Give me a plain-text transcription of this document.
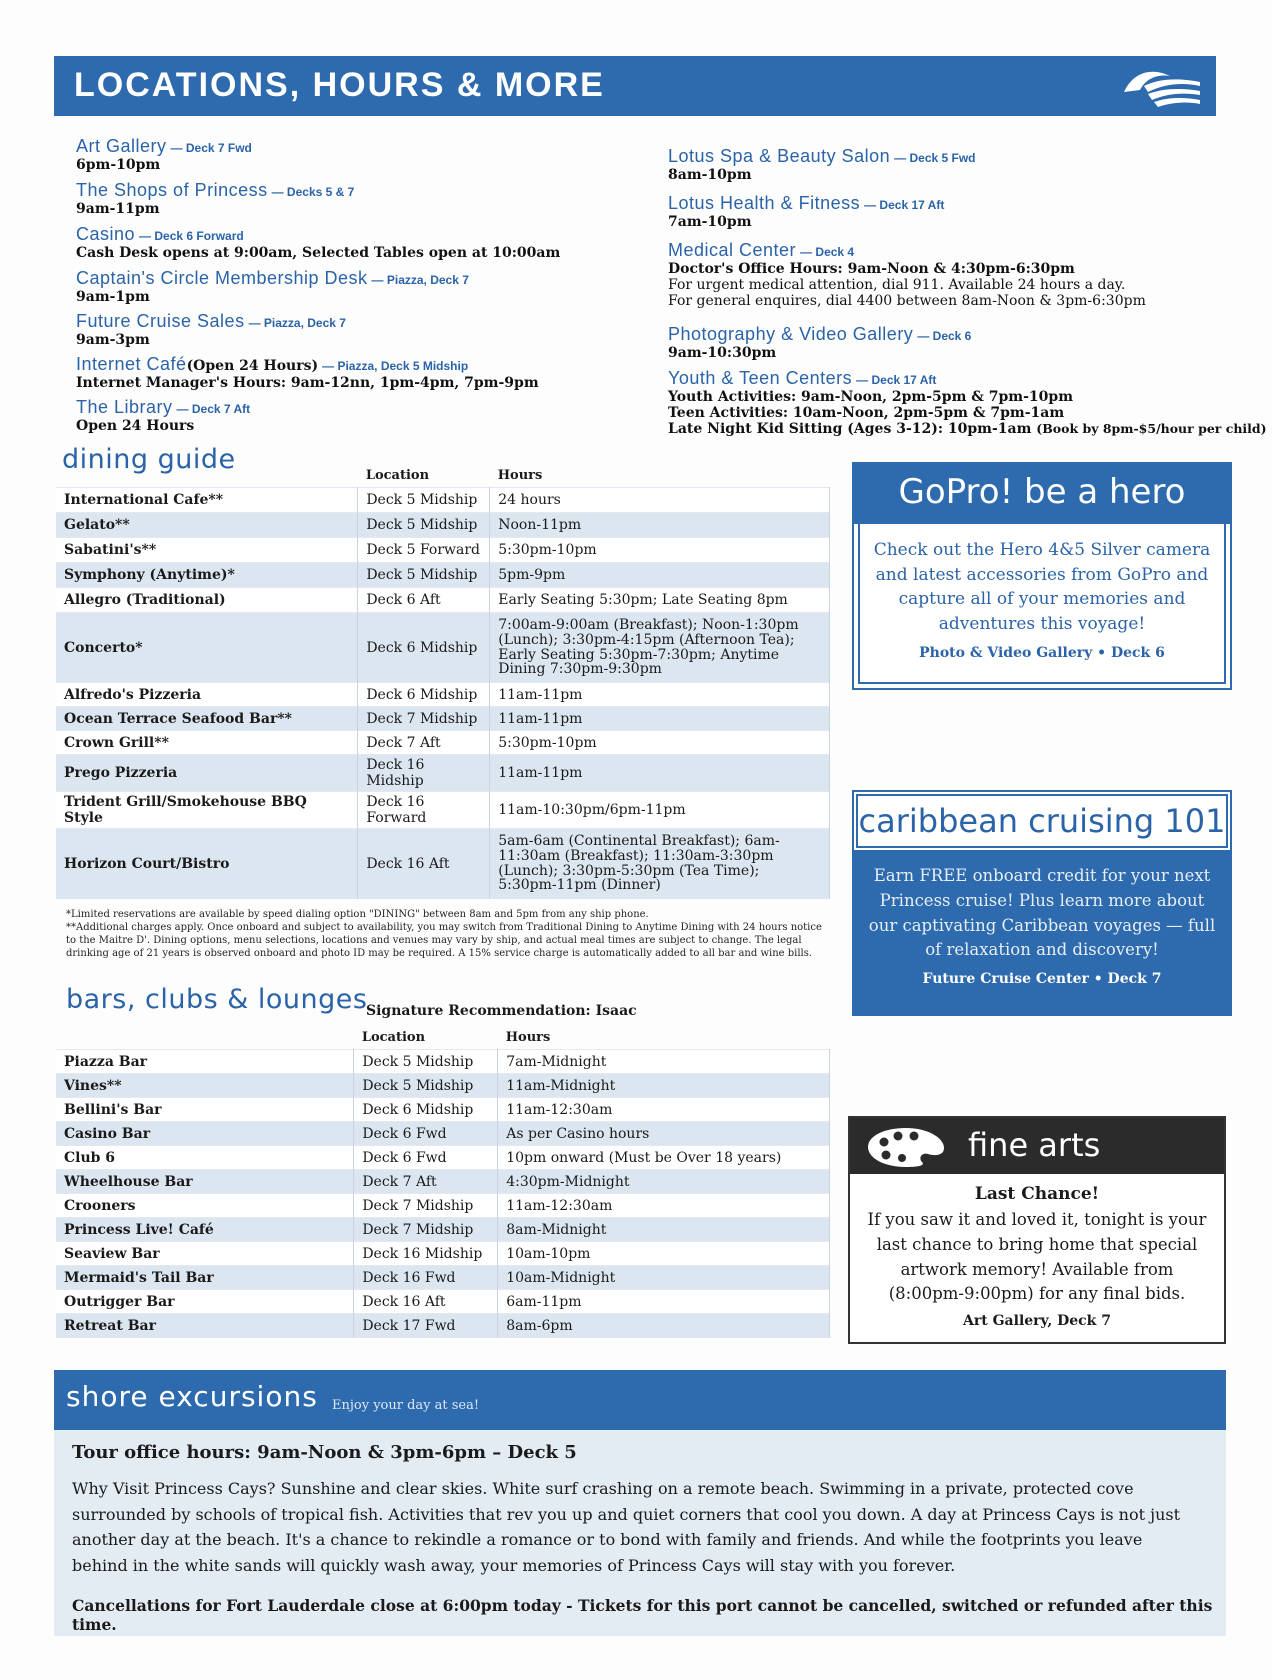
LOCATIONS, HOURS & MORE
Art Gallery — Deck 7 Fwd
6pm-10pm
The Shops of Princess — Decks 5 & 7
9am-11pm
Casino — Deck 6 Forward
Cash Desk opens at 9:00am, Selected Tables open at 10:00am
Captain's Circle Membership Desk — Piazza, Deck 7
9am-1pm
Future Cruise Sales — Piazza, Deck 7
9am-3pm
Internet Café(Open 24 Hours) — Piazza, Deck 5 Midship
Internet Manager's Hours: 9am-12nn, 1pm-4pm, 7pm-9pm
The Library — Deck 7 Aft
Open 24 Hours
Lotus Spa & Beauty Salon — Deck 5 Fwd
8am-10pm
Lotus Health & Fitness — Deck 17 Aft
7am-10pm
Medical Center — Deck 4
Doctor's Office Hours: 9am-Noon & 4:30pm-6:30pm
For urgent medical attention, dial 911. Available 24 hours a day.
For general enquires, dial 4400 between 8am-Noon & 3pm-6:30pm
Photography & Video Gallery — Deck 6
9am-10:30pm
Youth & Teen Centers — Deck 17 Aft
Youth Activities: 9am-Noon, 2pm-5pm & 7pm-10pm
Teen Activities: 10am-Noon, 2pm-5pm & 7pm-1am
Late Night Kid Sitting (Ages 3-12): 10pm-1am (Book by 8pm-$5/hour per child)
dining guide
	Location	Hours
International Cafe**	Deck 5 Midship	24 hours
Gelato**	Deck 5 Midship	Noon-11pm
Sabatini's**	Deck 5 Forward	5:30pm-10pm
Symphony (Anytime)*	Deck 5 Midship	5pm-9pm
Allegro (Traditional)	Deck 6 Aft	Early Seating 5:30pm; Late Seating 8pm
Concerto*	Deck 6 Midship	7:00am-9:00am (Breakfast); Noon-1:30pm (Lunch); 3:30pm-4:15pm (Afternoon Tea); Early Seating 5:30pm-7:30pm; Anytime Dining 7:30pm-9:30pm
Alfredo's Pizzeria	Deck 6 Midship	11am-11pm
Ocean Terrace Seafood Bar**	Deck 7 Midship	11am-11pm
Crown Grill**	Deck 7 Aft	5:30pm-10pm
Prego Pizzeria	Deck 16 Midship	11am-11pm
Trident Grill/Smokehouse BBQ Style	Deck 16 Forward	11am-10:30pm/6pm-11pm
Horizon Court/Bistro	Deck 16 Aft	5am-6am (Continental Breakfast); 6am-11:30am (Breakfast); 11:30am-3:30pm (Lunch); 3:30pm-5:30pm (Tea Time); 5:30pm-11pm (Dinner)
*Limited reservations are available by speed dialing option "DINING" between 8am and 5pm from any ship phone.
**Additional charges apply. Once onboard and subject to availability, you may switch from Traditional Dining to Anytime Dining with 24 hours notice to the Maitre D'. Dining options, menu selections, locations and venues may vary by ship, and actual meal times are subject to change. The legal drinking age of 21 years is observed onboard and photo ID may be required. A 15% service charge is automatically added to all bar and wine bills.
bars, clubs & lounges
Signature Recommendation: Isaac
	Location	Hours
Piazza Bar	Deck 5 Midship	7am-Midnight
Vines**	Deck 5 Midship	11am-Midnight
Bellini's Bar	Deck 6 Midship	11am-12:30am
Casino Bar	Deck 6 Fwd	As per Casino hours
Club 6	Deck 6 Fwd	10pm onward (Must be Over 18 years)
Wheelhouse Bar	Deck 7 Aft	4:30pm-Midnight
Crooners	Deck 7 Midship	11am-12:30am
Princess Live! Café	Deck 7 Midship	8am-Midnight
Seaview Bar	Deck 16 Midship	10am-10pm
Mermaid's Tail Bar	Deck 16 Fwd	10am-Midnight
Outrigger Bar	Deck 16 Aft	6am-11pm
Retreat Bar	Deck 17 Fwd	8am-6pm
GoPro! be a hero

Check out the Hero 4&5 Silver camera and latest accessories from GoPro and capture all of your memories and adventures this voyage!

Photo & Video Gallery • Deck 6

caribbean cruising 101

Earn FREE onboard credit for your next Princess cruise! Plus learn more about our captivating Caribbean voyages — full of relaxation and discovery!

Future Cruise Center • Deck 7

fine arts

Last Chance!

If you saw it and loved it, tonight is your last chance to bring home that special artwork memory! Available from (8:00pm-9:00pm) for any final bids.

Art Gallery, Deck 7

shore excursions Enjoy your day at sea!
Tour office hours: 9am-Noon & 3pm-6pm – Deck 5
Why Visit Princess Cays? Sunshine and clear skies. White surf crashing on a remote beach. Swimming in a private, protected cove surrounded by schools of tropical fish. Activities that rev you up and quiet corners that cool you down. A day at Princess Cays is not just another day at the beach. It's a chance to rekindle a romance or to bond with family and friends. And while the footprints you leave behind in the white sands will quickly wash away, your memories of Princess Cays will stay with you forever.
Cancellations for Fort Lauderdale close at 6:00pm today - Tickets for this port cannot be cancelled, switched or refunded after this time.
